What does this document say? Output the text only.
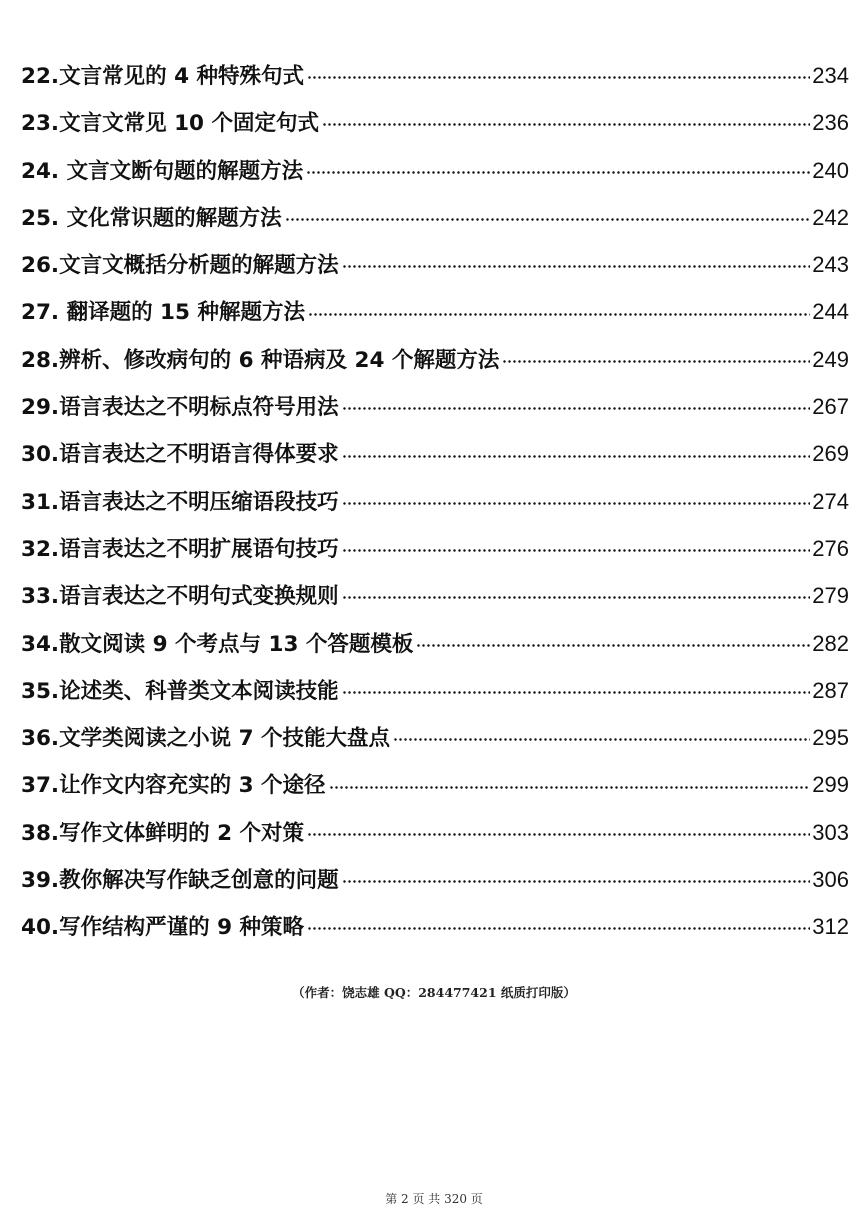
22.文言常见的 4 种特殊句式	234
23.文言文常见 10 个固定句式	236
24. 文言文断句题的解题方法	240
25. 文化常识题的解题方法	242
26.文言文概括分析题的解题方法	243
27. 翻译题的 15 种解题方法	244
28.辨析、修改病句的 6 种语病及 24 个解题方法	249
29.语言表达之不明标点符号用法	267
30.语言表达之不明语言得体要求	269
31.语言表达之不明压缩语段技巧	274
32.语言表达之不明扩展语句技巧	276
33.语言表达之不明句式变换规则	279
34.散文阅读 9 个考点与 13 个答题模板	282
35.论述类、科普类文本阅读技能	287
36.文学类阅读之小说 7 个技能大盘点	295
37.让作文内容充实的 3 个途径	299
38.写作文体鲜明的 2 个对策	303
39.教你解决写作缺乏创意的问题	306
40.写作结构严谨的 9 种策略	312
（作者：饶志雄 QQ：284477421 纸质打印版）
第 2 页 共 320 页
